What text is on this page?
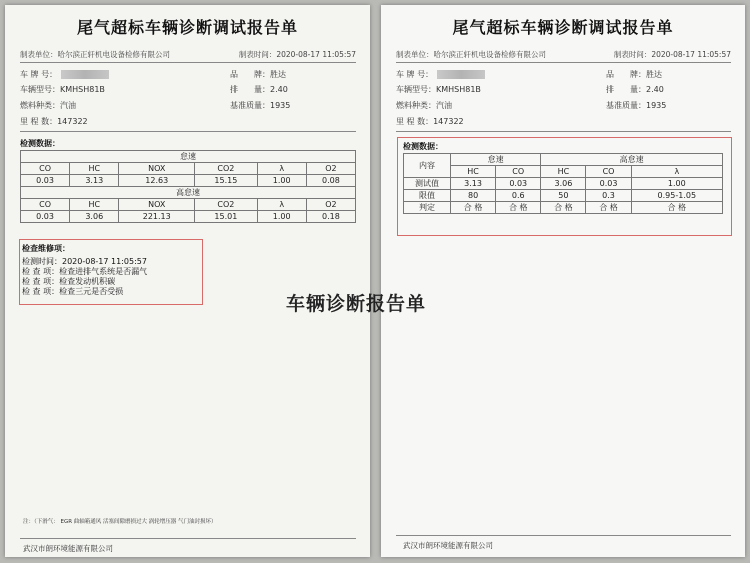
尾气超标车辆诊断调试报告单
制表单位：哈尔滨正轩机电设备检修有限公司	制表时间：2020-08-17 11:05:57
车 牌 号：	品　　牌：胜达
车辆型号：KMHSH81B	排　　量：2.40
燃料种类：汽油	基准质量：1935
里 程 数：147322
检测数据：
怠速					
CO	HC	NOX	CO2	λ	O2
0.03	3.13	12.63	15.15	1.00	0.08
高怠速					
CO	HC	NOX	CO2	λ	O2
0.03	3.06	221.13	15.01	1.00	0.18
检查维修项：
检测时间：2020-08-17 11:05:57
检 查 项：检查进排气系统是否漏气
检 查 项：检查发动机积碳
检 查 项：检查三元是否受损
注：（下滑气： EGR 曲轴箱通风 活塞间隙磨损过大 涡轮增压器 气门油封损坏）
武汉市朗环境能源有限公司
尾气超标车辆诊断调试报告单
制表单位：哈尔滨正轩机电设备检修有限公司	制表时间：2020-08-17 11:05:57
车 牌 号：	品　　牌：胜达
车辆型号：KMHSH81B	排　　量：2.40
燃料种类：汽油	基准质量：1935
里 程 数：147322
检测数据：
内容	怠速		高怠速		
	HC	CO	HC	CO	λ
测试值	3.13	0.03	3.06	0.03	1.00
限值	80	0.6	50	0.3	0.95-1.05
判定	合 格	合 格	合 格	合 格	合 格
武汉市朗环境能源有限公司
车辆诊断报告单
